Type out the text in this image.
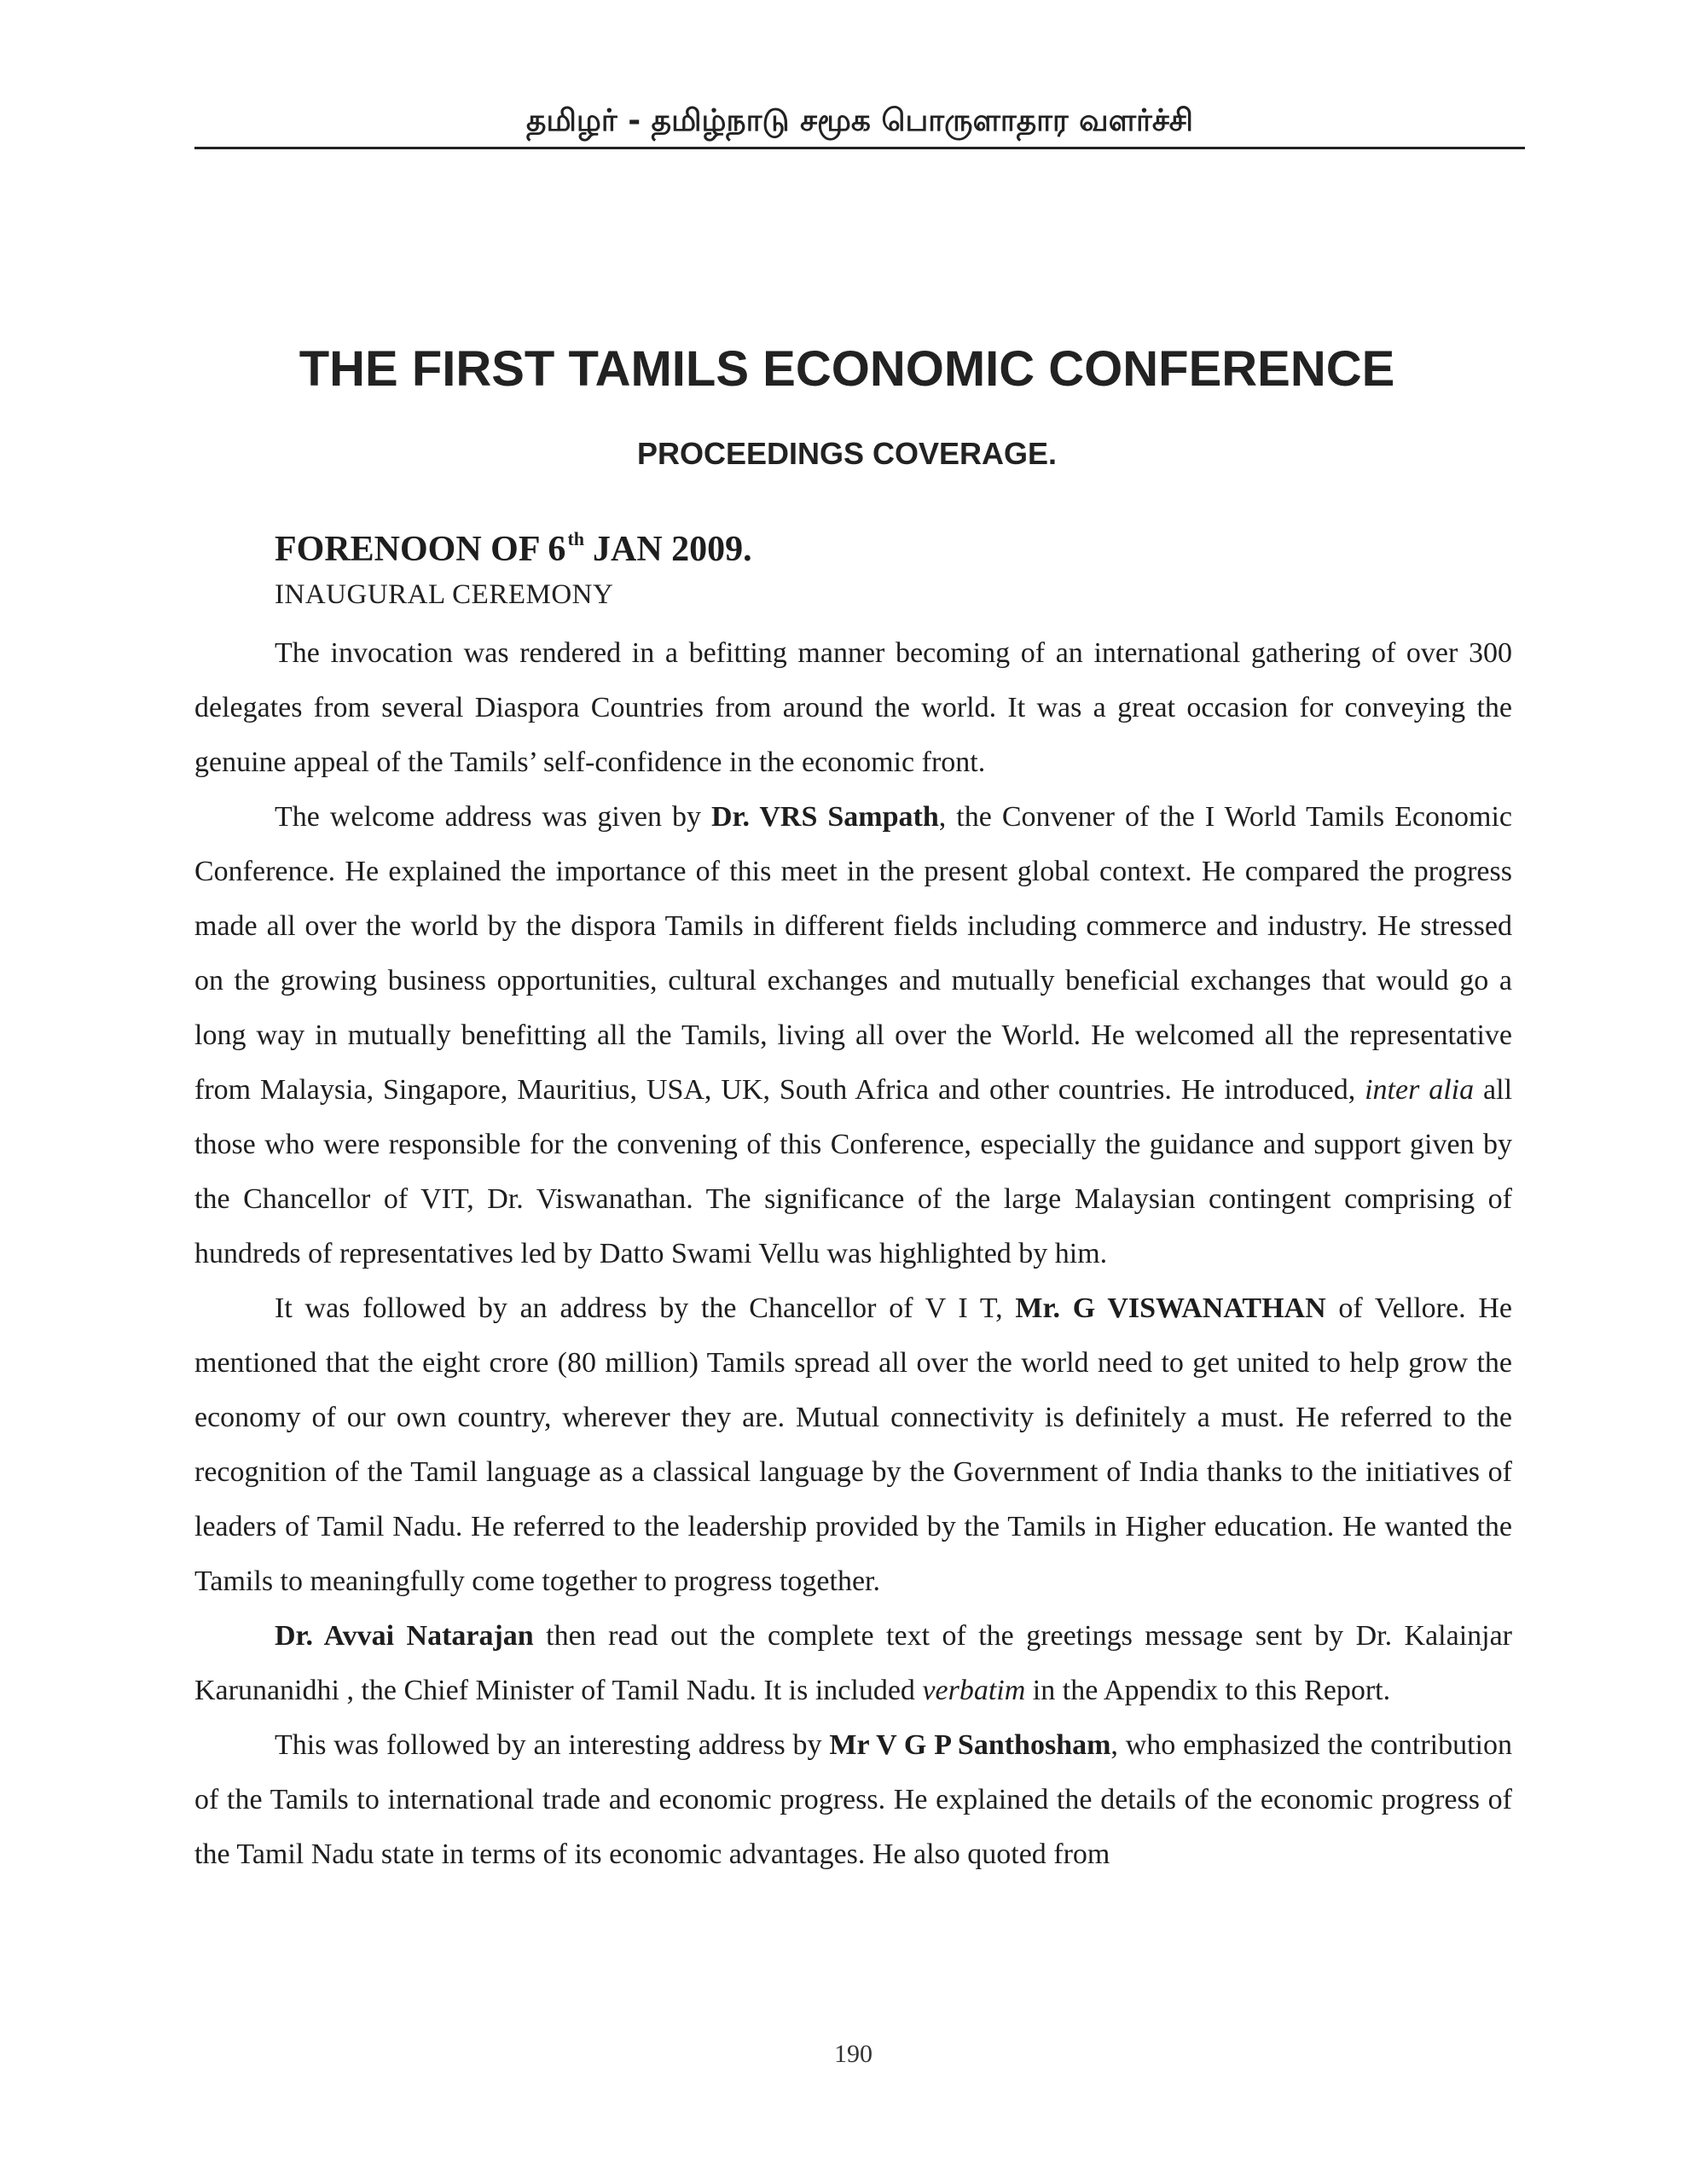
தமிழர் - தமிழ்நாடு சமூக பொருளாதார வளர்ச்சி
THE FIRST TAMILS ECONOMIC CONFERENCE
PROCEEDINGS COVERAGE.
FORENOON OF 6th JAN 2009.
INAUGURAL CEREMONY

The invocation was rendered in a befitting manner becoming of an international gathering of over 300 delegates from several Diaspora Countries from around the world. It was a great occasion for conveying the genuine appeal of the Tamils’ self-confidence in the economic front.

The welcome address was given by Dr. VRS Sampath, the Convener of the I World Tamils Economic Conference. He explained the importance of this meet in the present global context. He compared the progress made all over the world by the dispora Tamils in different fields including commerce and industry. He stressed on the growing business opportunities, cultural exchanges and mutually beneficial exchanges that would go a long way in mutually benefitting all the Tamils, living all over the World. He welcomed all the representative from Malaysia, Singapore, Mauritius, USA, UK, South Africa and other countries. He introduced, inter alia all those who were responsible for the convening of this Conference, especially the guidance and support given by the Chancellor of VIT, Dr. Viswanathan. The significance of the large Malaysian contingent comprising of hundreds of representatives led by Datto Swami Vellu was highlighted by him.

It was followed by an address by the Chancellor of V I T, Mr. G VISWANATHAN of Vellore. He mentioned that the eight crore (80 million) Tamils spread all over the world need to get united to help grow the economy of our own country, wherever they are. Mutual connectivity is definitely a must. He referred to the recognition of the Tamil language as a classical language by the Government of India thanks to the initiatives of leaders of Tamil Nadu. He referred to the leadership provided by the Tamils in Higher education. He wanted the Tamils to meaningfully come together to progress together.

Dr. Avvai Natarajan then read out the complete text of the greetings message sent by Dr. Kalainjar Karunanidhi , the Chief Minister of Tamil Nadu. It is included verbatim in the Appendix to this Report.

This was followed by an interesting address by Mr V G P Santhosham, who emphasized the contribution of the Tamils to international trade and economic progress. He explained the details of the economic progress of the Tamil Nadu state in terms of its economic advantages. He also quoted from

190
